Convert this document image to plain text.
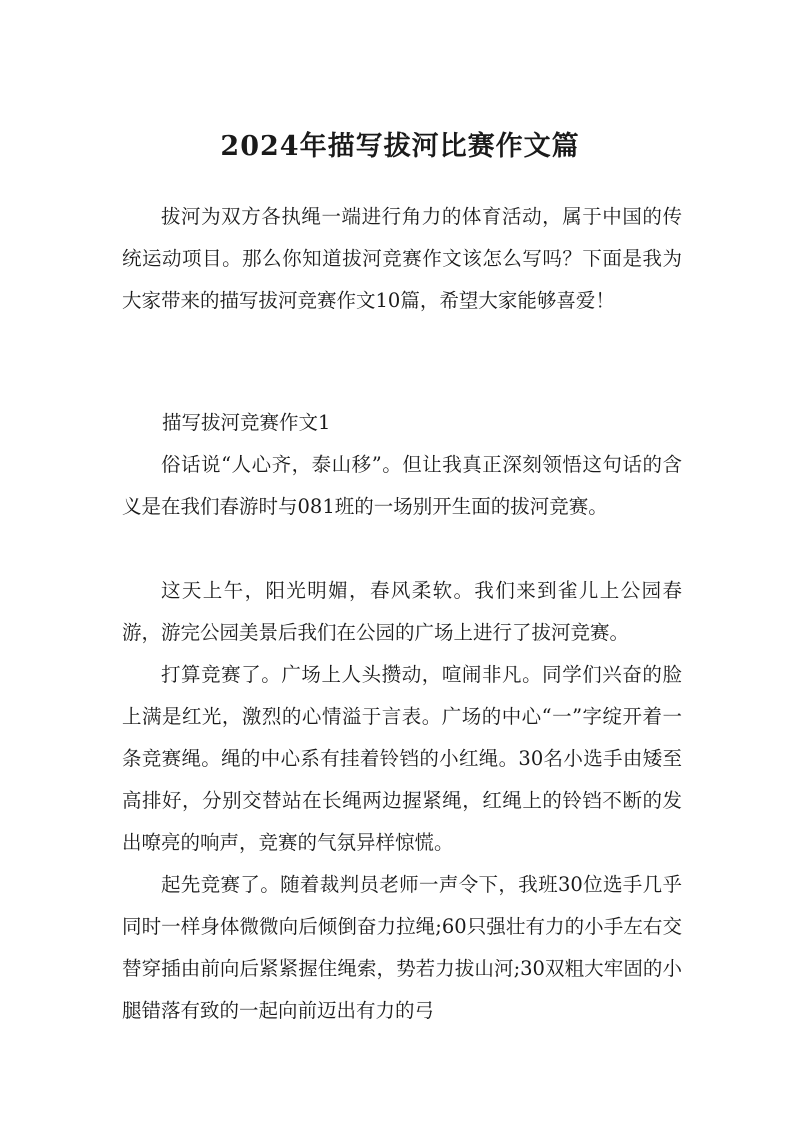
2024年描写拔河比赛作文篇

拔河为双方各执绳一端进行角力的体育活动，属于中国的传统运动项目。那么你知道拔河竞赛作文该怎么写吗？下面是我为大家带来的描写拔河竞赛作文10篇，希望大家能够喜爱！

描写拔河竞赛作文1

俗话说“人心齐，泰山移”。但让我真正深刻领悟这句话的含义是在我们春游时与081班的一场别开生面的拔河竞赛。

这天上午，阳光明媚，春风柔软。我们来到雀儿上公园春游，游完公园美景后我们在公园的广场上进行了拔河竞赛。

打算竞赛了。广场上人头攒动，喧闹非凡。同学们兴奋的脸上满是红光，激烈的心情溢于言表。广场的中心“一”字绽开着一条竞赛绳。绳的中心系有挂着铃铛的小红绳。30名小选手由矮至高排好，分别交替站在长绳两边握紧绳，红绳上的铃铛不断的发出嘹亮的响声，竞赛的气氛异样惊慌。

起先竞赛了。随着裁判员老师一声令下，我班30位选手几乎同时一样身体微微向后倾倒奋力拉绳;60只强壮有力的小手左右交替穿插由前向后紧紧握住绳索，势若力拔山河;30双粗大牢固的小腿错落有致的一起向前迈出有力的弓
